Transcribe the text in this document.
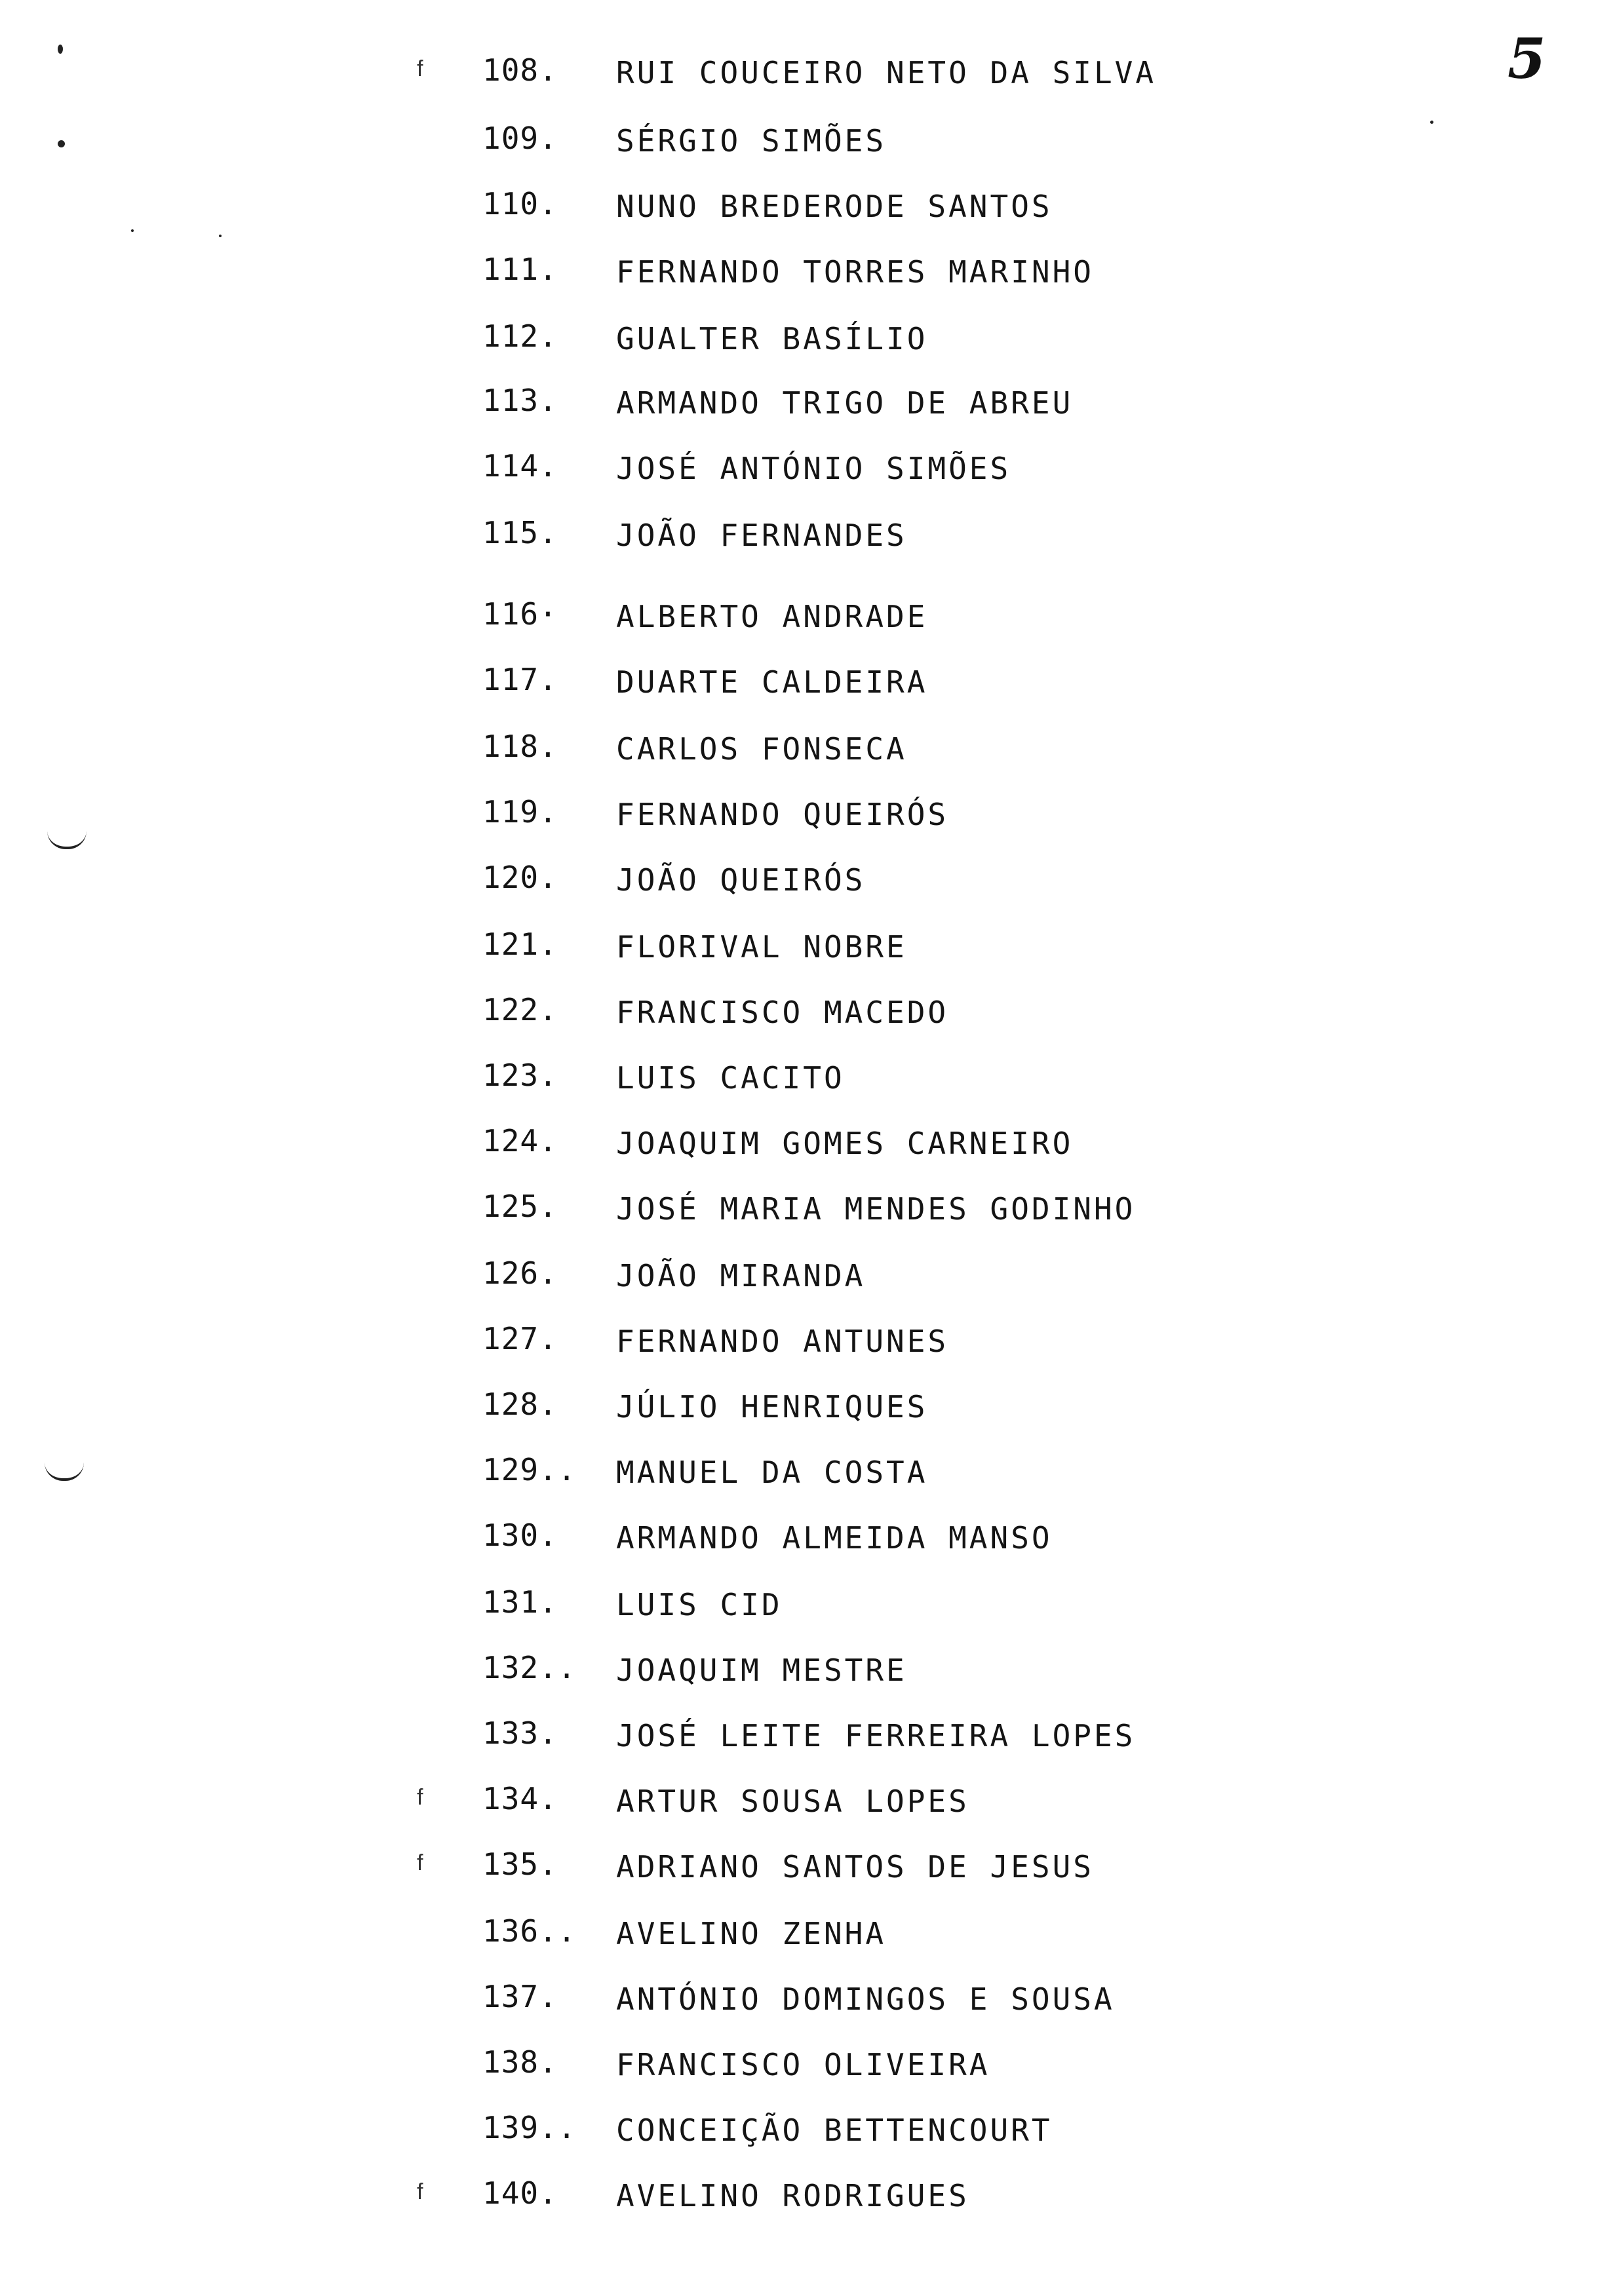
5
f 108. RUI COUCEIRO NETO DA SILVA
109. SÉRGIO SIMÕES
110. NUNO BREDERODE SANTOS
111. FERNANDO TORRES MARINHO
112. GUALTER BASÍLIO
113. ARMANDO TRIGO DE ABREU
114. JOSÉ ANTÓNIO SIMÕES
115. JOÃO FERNANDES
116· ALBERTO ANDRADE
117. DUARTE CALDEIRA
118. CARLOS FONSECA
119. FERNANDO QUEIRÓS
120. JOÃO QUEIRÓS
121. FLORIVAL NOBRE
122. FRANCISCO MACEDO
123. LUIS CACITO
124. JOAQUIM GOMES CARNEIRO
125. JOSÉ MARIA MENDES GODINHO
126. JOÃO MIRANDA
127. FERNANDO ANTUNES
128. JÚLIO HENRIQUES
129.. MANUEL DA COSTA
130. ARMANDO ALMEIDA MANSO
131. LUIS CID
132.. JOAQUIM MESTRE
133. JOSÉ LEITE FERREIRA LOPES
f 134. ARTUR SOUSA LOPES
f 135. ADRIANO SANTOS DE JESUS
136.. AVELINO ZENHA
137. ANTÓNIO DOMINGOS E SOUSA
138. FRANCISCO OLIVEIRA
139.. CONCEIÇÃO BETTENCOURT
f 140. AVELINO RODRIGUES
